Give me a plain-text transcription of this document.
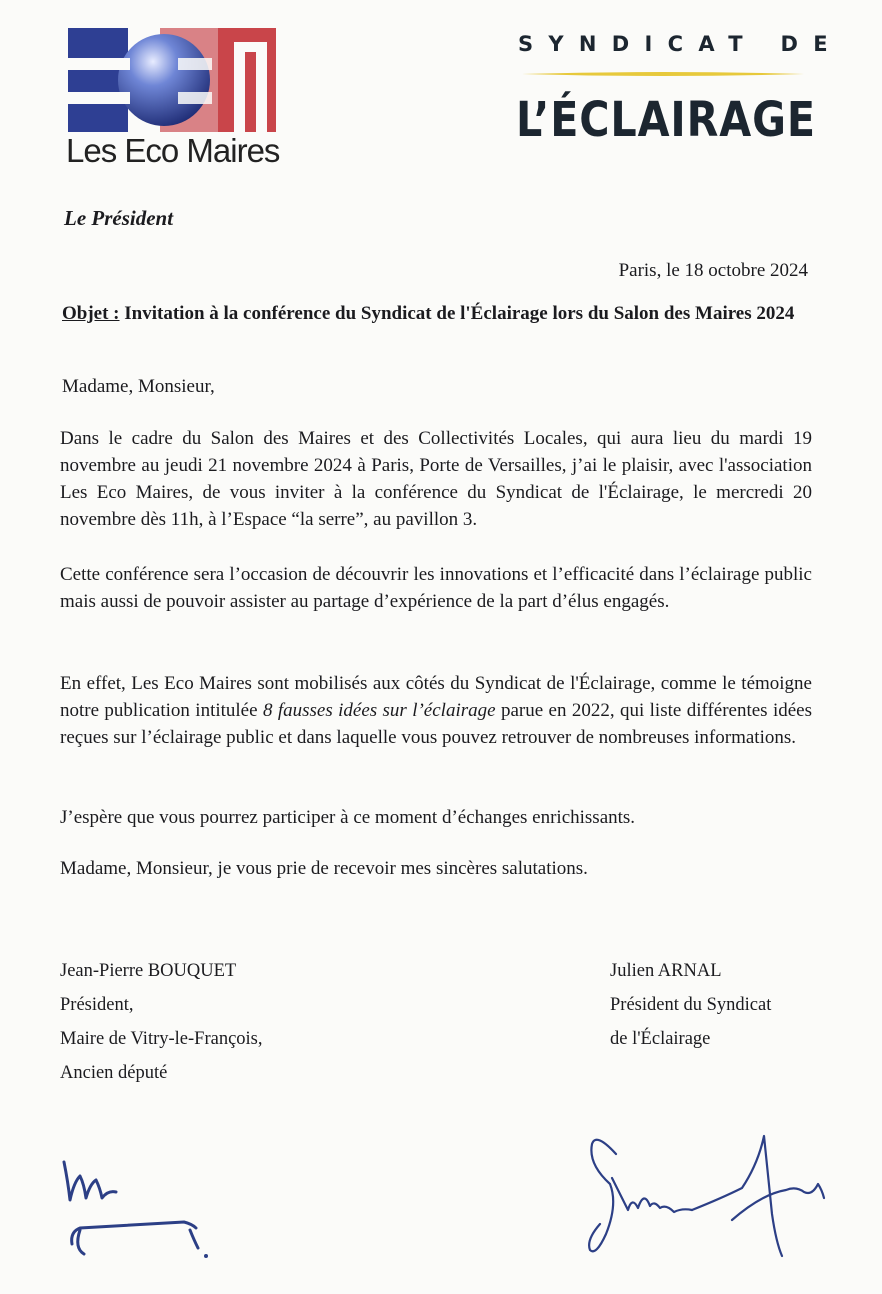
Les Eco Maires
SYNDICAT DE
L’ÉCLAIRAGE
Le Président
Paris, le 18 octobre 2024
Objet : Invitation à la conférence du Syndicat de l'Éclairage lors du Salon des Maires 2024
Madame, Monsieur,
Dans le cadre du Salon des Maires et des Collectivités Locales, qui aura lieu du mardi 19 novembre au jeudi 21 novembre 2024 à Paris, Porte de Versailles, j’ai le plaisir, avec l'association Les Eco Maires, de vous inviter à la conférence du Syndicat de l'Éclairage, le mercredi 20 novembre dès 11h, à l’Espace “la serre”, au pavillon 3.
Cette conférence sera l’occasion de découvrir les innovations et l’efficacité dans l’éclairage public mais aussi de pouvoir assister au partage d’expérience de la part d’élus engagés.
En effet, Les Eco Maires sont mobilisés aux côtés du Syndicat de l'Éclairage, comme le témoigne notre publication intitulée 8 fausses idées sur l’éclairage parue en 2022, qui liste différentes idées reçues sur l’éclairage public et dans laquelle vous pouvez retrouver de nombreuses informations.
J’espère que vous pourrez participer à ce moment d’échanges enrichissants.
Madame, Monsieur, je vous prie de recevoir mes sincères salutations.
Jean-Pierre BOUQUET
Président,
Maire de Vitry-le-François,
Ancien député
Julien ARNAL
Président du Syndicat
de l'Éclairage
